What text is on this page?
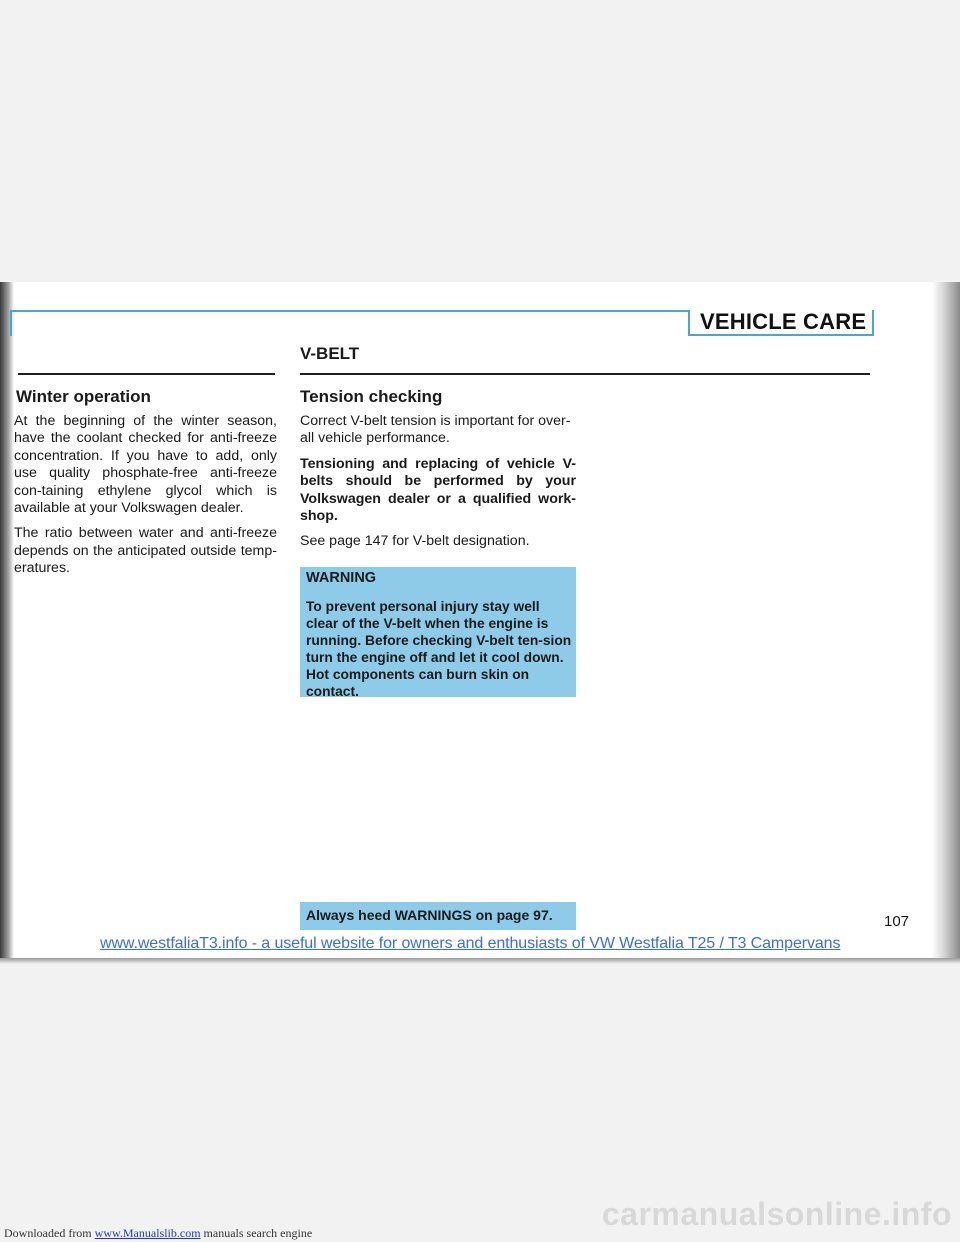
VEHICLE CARE
V-BELT
Winter operation

At the beginning of the winter season, have the coolant checked for anti-freeze concentration. If you have to add, only use quality phosphate-free anti-freeze con-taining ethylene glycol which is available at your Volkswagen dealer.

The ratio between water and anti-freeze depends on the anticipated outside temp-eratures.

Tension checking

Correct V-belt tension is important for over-all vehicle performance.

Tensioning and replacing of vehicle V-belts should be performed by your Volkswagen dealer or a qualified work-shop.

See page 147 for V-belt designation.

WARNING
To prevent personal injury stay well clear of the V-belt when the engine is running. Before checking V-belt ten-sion turn the engine off and let it cool down. Hot components can burn skin on contact.
Always heed WARNINGS on page 97.	107
www.westfaliaT3.info - a useful website for owners and enthusiasts of VW Westfalia T25 / T3 Campervans
Downloaded from www.Manualslib.com manuals search engine
carmanualsonline.info
